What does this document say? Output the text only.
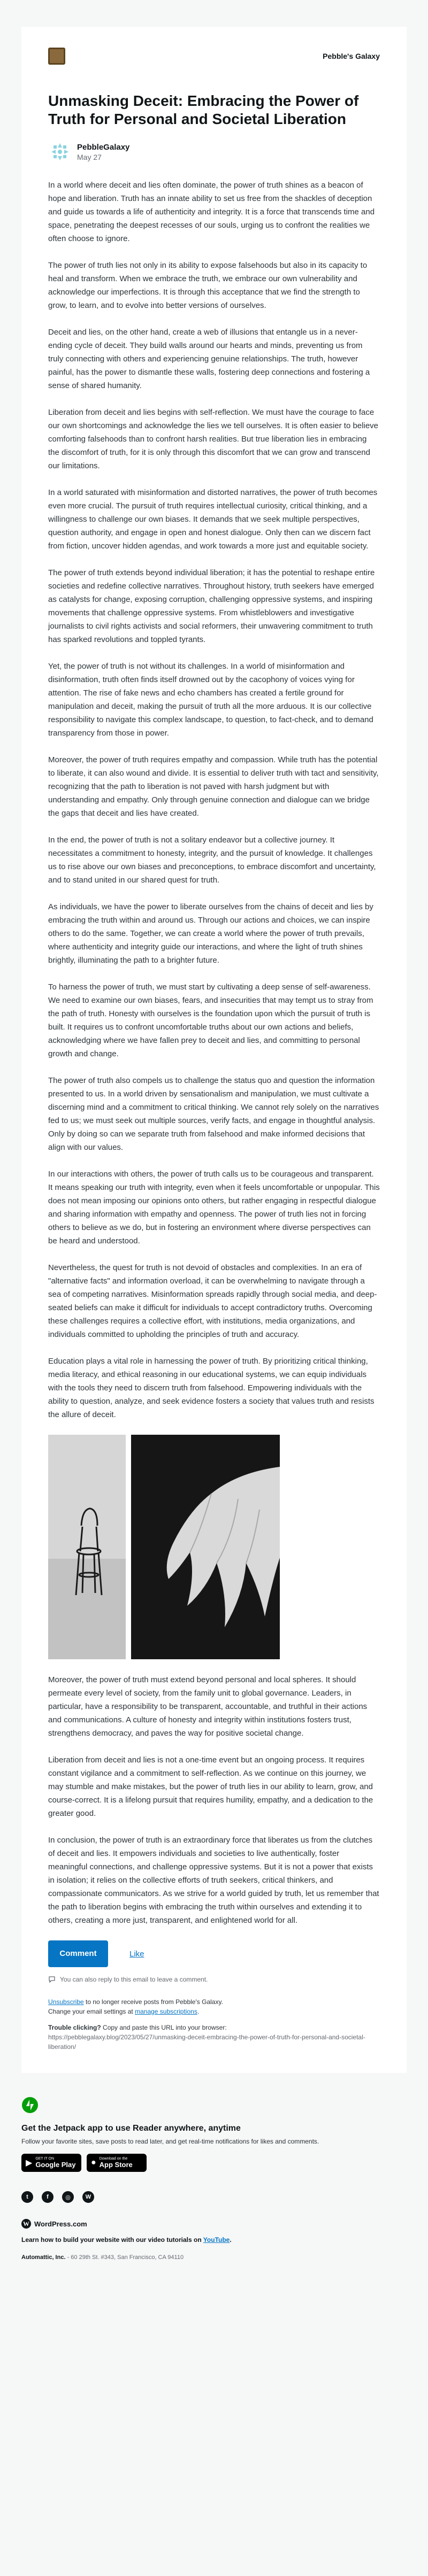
Pebble's Galaxy
Unmasking Deceit: Embracing the Power of Truth for Personal and Societal Liberation
PebbleGalaxy
May 27

In a world where deceit and lies often dominate, the power of truth shines as a beacon of hope and liberation. Truth has an innate ability to set us free from the shackles of deception and guide us towards a life of authenticity and integrity. It is a force that transcends time and space, penetrating the deepest recesses of our souls, urging us to confront the realities we often choose to ignore.

The power of truth lies not only in its ability to expose falsehoods but also in its capacity to heal and transform. When we embrace the truth, we embrace our own vulnerability and acknowledge our imperfections. It is through this acceptance that we find the strength to grow, to learn, and to evolve into better versions of ourselves.

Deceit and lies, on the other hand, create a web of illusions that entangle us in a never-ending cycle of deceit. They build walls around our hearts and minds, preventing us from truly connecting with others and experiencing genuine relationships. The truth, however painful, has the power to dismantle these walls, fostering deep connections and fostering a sense of shared humanity.

Liberation from deceit and lies begins with self-reflection. We must have the courage to face our own shortcomings and acknowledge the lies we tell ourselves. It is often easier to believe comforting falsehoods than to confront harsh realities. But true liberation lies in embracing the discomfort of truth, for it is only through this discomfort that we can grow and transcend our limitations.

In a world saturated with misinformation and distorted narratives, the power of truth becomes even more crucial. The pursuit of truth requires intellectual curiosity, critical thinking, and a willingness to challenge our own biases. It demands that we seek multiple perspectives, question authority, and engage in open and honest dialogue. Only then can we discern fact from fiction, uncover hidden agendas, and work towards a more just and equitable society.

The power of truth extends beyond individual liberation; it has the potential to reshape entire societies and redefine collective narratives. Throughout history, truth seekers have emerged as catalysts for change, exposing corruption, challenging oppressive systems, and inspiring movements that challenge oppressive systems. From whistleblowers and investigative journalists to civil rights activists and social reformers, their unwavering commitment to truth has sparked revolutions and toppled tyrants.

Yet, the power of truth is not without its challenges. In a world of misinformation and disinformation, truth often finds itself drowned out by the cacophony of voices vying for attention. The rise of fake news and echo chambers has created a fertile ground for manipulation and deceit, making the pursuit of truth all the more arduous. It is our collective responsibility to navigate this complex landscape, to question, to fact-check, and to demand transparency from those in power.

Moreover, the power of truth requires empathy and compassion. While truth has the potential to liberate, it can also wound and divide. It is essential to deliver truth with tact and sensitivity, recognizing that the path to liberation is not paved with harsh judgment but with understanding and empathy. Only through genuine connection and dialogue can we bridge the gaps that deceit and lies have created.

In the end, the power of truth is not a solitary endeavor but a collective journey. It necessitates a commitment to honesty, integrity, and the pursuit of knowledge. It challenges us to rise above our own biases and preconceptions, to embrace discomfort and uncertainty, and to stand united in our shared quest for truth.

As individuals, we have the power to liberate ourselves from the chains of deceit and lies by embracing the truth within and around us. Through our actions and choices, we can inspire others to do the same. Together, we can create a world where the power of truth prevails, where authenticity and integrity guide our interactions, and where the light of truth shines brightly, illuminating the path to a brighter future.

To harness the power of truth, we must start by cultivating a deep sense of self-awareness. We need to examine our own biases, fears, and insecurities that may tempt us to stray from the path of truth. Honesty with ourselves is the foundation upon which the pursuit of truth is built. It requires us to confront uncomfortable truths about our own actions and beliefs, acknowledging where we have fallen prey to deceit and lies, and committing to personal growth and change.

The power of truth also compels us to challenge the status quo and question the information presented to us. In a world driven by sensationalism and manipulation, we must cultivate a discerning mind and a commitment to critical thinking. We cannot rely solely on the narratives fed to us; we must seek out multiple sources, verify facts, and engage in thoughtful analysis. Only by doing so can we separate truth from falsehood and make informed decisions that align with our values.

In our interactions with others, the power of truth calls us to be courageous and transparent. It means speaking our truth with integrity, even when it feels uncomfortable or unpopular. This does not mean imposing our opinions onto others, but rather engaging in respectful dialogue and sharing information with empathy and openness. The power of truth lies not in forcing others to believe as we do, but in fostering an environment where diverse perspectives can be heard and understood.

Nevertheless, the quest for truth is not devoid of obstacles and complexities. In an era of "alternative facts" and information overload, it can be overwhelming to navigate through a sea of competing narratives. Misinformation spreads rapidly through social media, and deep-seated beliefs can make it difficult for individuals to accept contradictory truths. Overcoming these challenges requires a collective effort, with institutions, media organizations, and individuals committed to upholding the principles of truth and accuracy.

Education plays a vital role in harnessing the power of truth. By prioritizing critical thinking, media literacy, and ethical reasoning in our educational systems, we can equip individuals with the tools they need to discern truth from falsehood. Empowering individuals with the ability to question, analyze, and seek evidence fosters a society that values truth and resists the allure of deceit.

Moreover, the power of truth must extend beyond personal and local spheres. It should permeate every level of society, from the family unit to global governance. Leaders, in particular, have a responsibility to be transparent, accountable, and truthful in their actions and communications. A culture of honesty and integrity within institutions fosters trust, strengthens democracy, and paves the way for positive societal change.

Liberation from deceit and lies is not a one-time event but an ongoing process. It requires constant vigilance and a commitment to self-reflection. As we continue on this journey, we may stumble and make mistakes, but the power of truth lies in our ability to learn, grow, and course-correct. It is a lifelong pursuit that requires humility, empathy, and a dedication to the greater good.

In conclusion, the power of truth is an extraordinary force that liberates us from the clutches of deceit and lies. It empowers individuals and societies to live authentically, foster meaningful connections, and challenge oppressive systems. But it is not a power that exists in isolation; it relies on the collective efforts of truth seekers, critical thinkers, and compassionate communicators. As we strive for a world guided by truth, let us remember that the path to liberation begins with embracing the truth within ourselves and extending it to others, creating a more just, transparent, and enlightened world for all.

Comment	Like
You can also reply to this email to leave a comment.
Unsubscribe to no longer receive posts from Pebble's Galaxy.
Change your email settings at manage subscriptions.
Trouble clicking? Copy and paste this URL into your browser:
https://pebblegalaxy.blog/2023/05/27/unmasking-deceit-embracing-the-power-of-truth-for-personal-and-societal-liberation/
Get the Jetpack app to use Reader anywhere, anytime
Follow your favorite sites, save posts to read later, and get real-time notifications for likes and comments.
▶ GET IT ON
Google Play ● Download on the
App Store
t	f	◎	W
W WordPress.com
Learn how to build your website with our video tutorials on YouTube.
Automattic, Inc. - 60 29th St. #343, San Francisco, CA 94110
